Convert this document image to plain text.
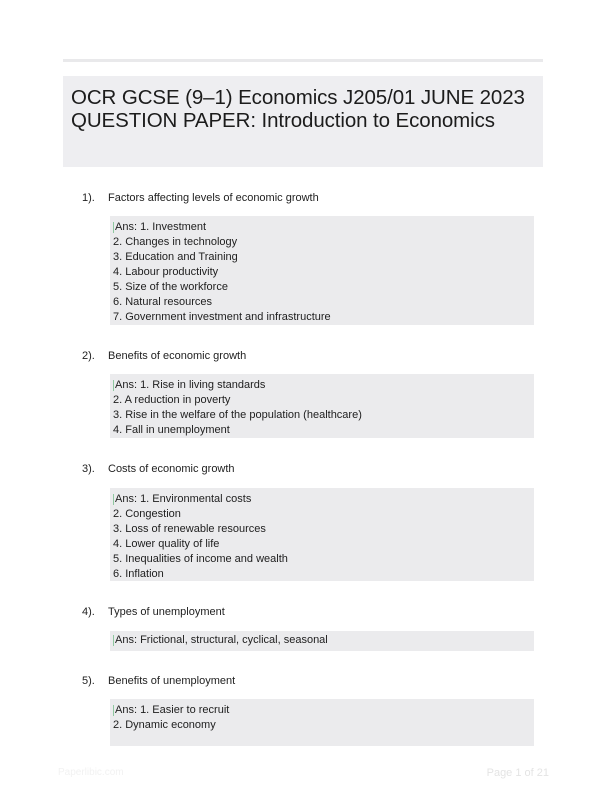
OCR GCSE (9–1) Economics J205/01 JUNE 2023 QUESTION PAPER: Introduction to Economics
1). Factors affecting levels of economic growth
Ans: 1. Investment
2. Changes in technology
3. Education and Training
4. Labour productivity
5. Size of the workforce
6. Natural resources
7. Government investment and infrastructure
2). Benefits of economic growth
Ans: 1. Rise in living standards
2. A reduction in poverty
3. Rise in the welfare of the population (healthcare)
4. Fall in unemployment
3). Costs of economic growth
Ans: 1. Environmental costs
2. Congestion
3. Loss of renewable resources
4. Lower quality of life
5. Inequalities of income and wealth
6. Inflation
4). Types of unemployment
Ans: Frictional, structural, cyclical, seasonal
5). Benefits of unemployment
Ans: 1. Easier to recruit
2. Dynamic economy
Paperlibic.com	Page 1 of 21
